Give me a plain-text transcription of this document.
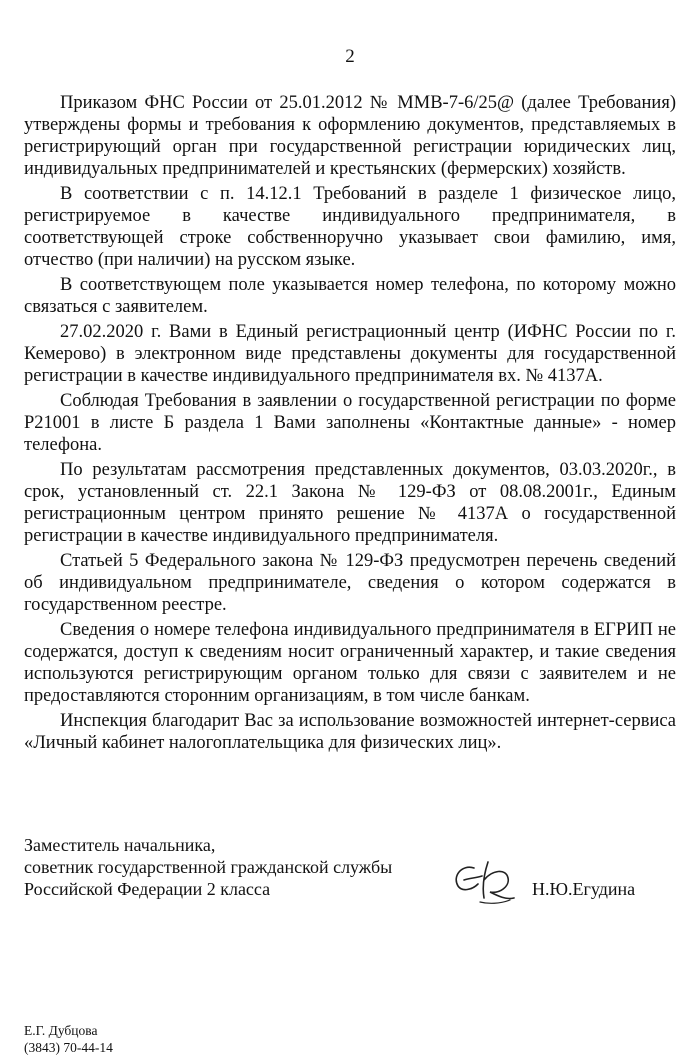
2

Приказом ФНС России от 25.01.2012 № ММВ-7-6/25@ (далее Требования) утверждены формы и требования к оформлению документов, представляемых в регистрирующий орган при государственной регистрации юридических лиц, индивидуальных предпринимателей и крестьянских (фермерских) хозяйств.

В соответствии с п. 14.12.1 Требований в разделе 1 физическое лицо, регистрируемое в качестве индивидуального предпринимателя, в соответствующей строке собственноручно указывает свои фамилию, имя, отчество (при наличии) на русском языке.

В соответствующем поле указывается номер телефона, по которому можно связаться с заявителем.

27.02.2020 г. Вами в Единый регистрационный центр (ИФНС России по г. Кемерово) в электронном виде представлены документы для государственной регистрации в качестве индивидуального предпринимателя вх. № 4137А.

Соблюдая Требования в заявлении о государственной регистрации по форме Р21001 в листе Б раздела 1 Вами заполнены «Контактные данные» - номер телефона.

По результатам рассмотрения представленных документов, 03.03.2020г., в срок, установленный ст. 22.1 Закона № 129-ФЗ от 08.08.2001г., Единым регистрационным центром принято решение № 4137А о государственной регистрации в качестве индивидуального предпринимателя.

Статьей 5 Федерального закона № 129-ФЗ предусмотрен перечень сведений об индивидуальном предпринимателе, сведения о котором содержатся в государственном реестре.

Сведения о номере телефона индивидуального предпринимателя в ЕГРИП не содержатся, доступ к сведениям носит ограниченный характер, и такие сведения используются регистрирующим органом только для связи с заявителем и не предоставляются сторонним организациям, в том числе банкам.

Инспекция благодарит Вас за использование возможностей интернет-сервиса «Личный кабинет налогоплательщика для физических лиц».

Заместитель начальника,
советник государственной гражданской службы
Российской Федерации 2 класса	Н.Ю.Егудина
Е.Г. Дубцова
(3843) 70-44-14
